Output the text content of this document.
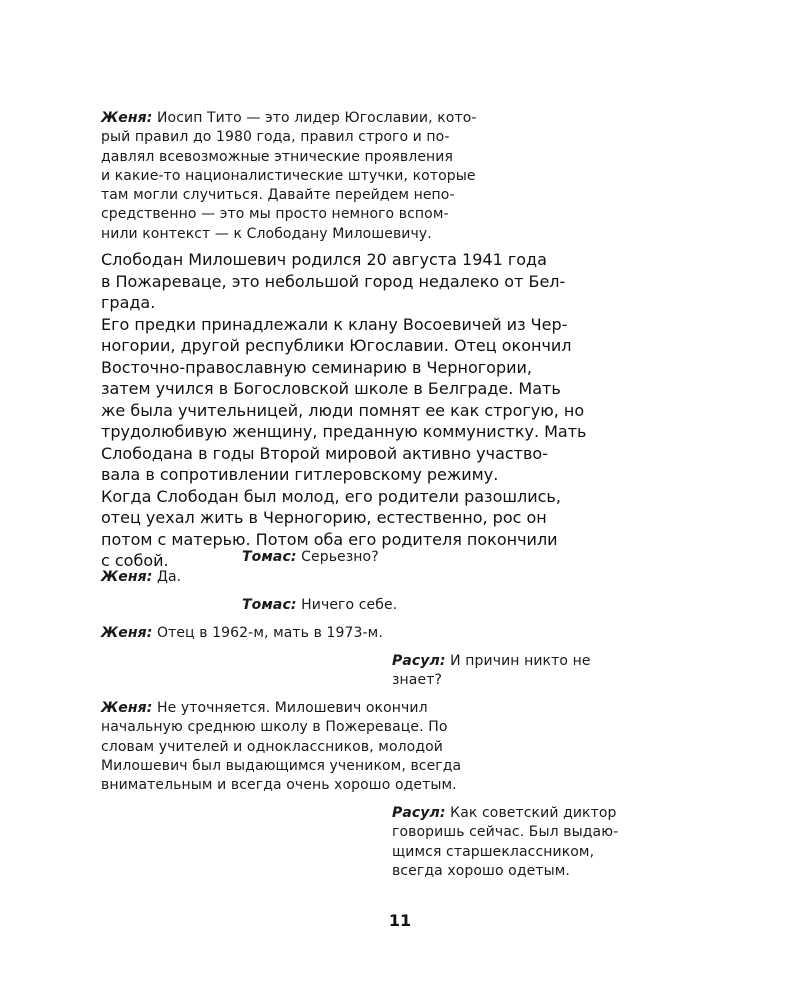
Женя: Иосип Тито — это лидер Югославии, кото-
рый правил до 1980 года, правил строго и по-
давлял всевозможные этнические проявления
и какие-то националистические штучки, которые
там могли случиться. Давайте перейдем непо-
средственно — это мы просто немного вспом-
нили контекст — к Слободану Милошевичу.
Слободан Милошевич родился 20 августа 1941 года
в Пожареваце, это небольшой город недалеко от Бел-
града.
Его предки принадлежали к клану Восоевичей из Чер-
ногории, другой республики Югославии. Отец окончил
Восточно-православную семинарию в Черногории,
затем учился в Богословской школе в Белграде. Мать
же была учительницей, люди помнят ее как строгую, но
трудолюбивую женщину, преданную коммунистку. Мать
Слободана в годы Второй мировой активно участво-
вала в сопротивлении гитлеровскому режиму.
Когда Слободан был молод, его родители разошлись,
отец уехал жить в Черногорию, естественно, рос он
потом с матерью. Потом оба его родителя покончили
с собой.	Томас: Серьезно?
Женя: Да.
Томас: Ничего себе.
Женя: Отец в 1962-м, мать в 1973-м.
Расул: И причин никто не
знает?
Женя: Не уточняется. Милошевич окончил
начальную среднюю школу в Пожереваце. По
словам учителей и одноклассников, молодой
Милошевич был выдающимся учеником, всегда
внимательным и всегда очень хорошо одетым.
Расул: Как советский диктор
говоришь сейчас. Был выдаю-
щимся старшеклассником,
всегда хорошо одетым.
11
